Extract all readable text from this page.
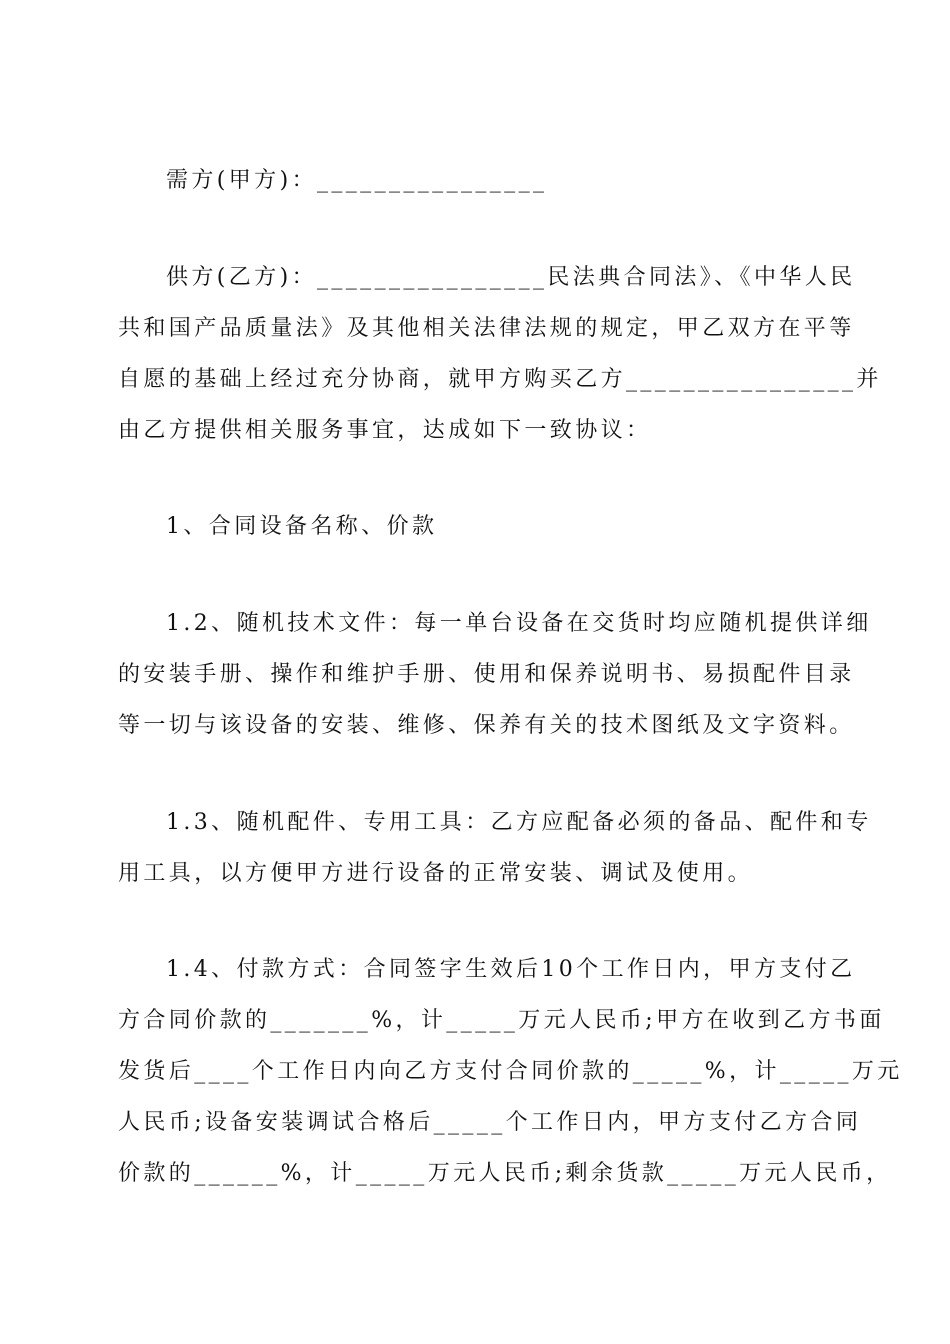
需方(甲方)：________________
供方(乙方)：________________民法典合同法》、《中华人民
共和国产品质量法》及其他相关法律法规的规定，甲乙双方在平等
自愿的基础上经过充分协商，就甲方购买乙方________________并
由乙方提供相关服务事宜，达成如下一致协议：
1、合同设备名称、价款
1.2、随机技术文件：每一单台设备在交货时均应随机提供详细
的安装手册、操作和维护手册、使用和保养说明书、易损配件目录
等一切与该设备的安装、维修、保养有关的技术图纸及文字资料。
1.3、随机配件、专用工具：乙方应配备必须的备品、配件和专
用工具，以方便甲方进行设备的正常安装、调试及使用。
1.4、付款方式：合同签字生效后10个工作日内，甲方支付乙
方合同价款的_______%，计_____万元人民币;甲方在收到乙方书面
发货后____个工作日内向乙方支付合同价款的_____%，计_____万元
人民币;设备安装调试合格后_____个工作日内，甲方支付乙方合同
价款的______%，计_____万元人民币;剩余货款_____万元人民币，
